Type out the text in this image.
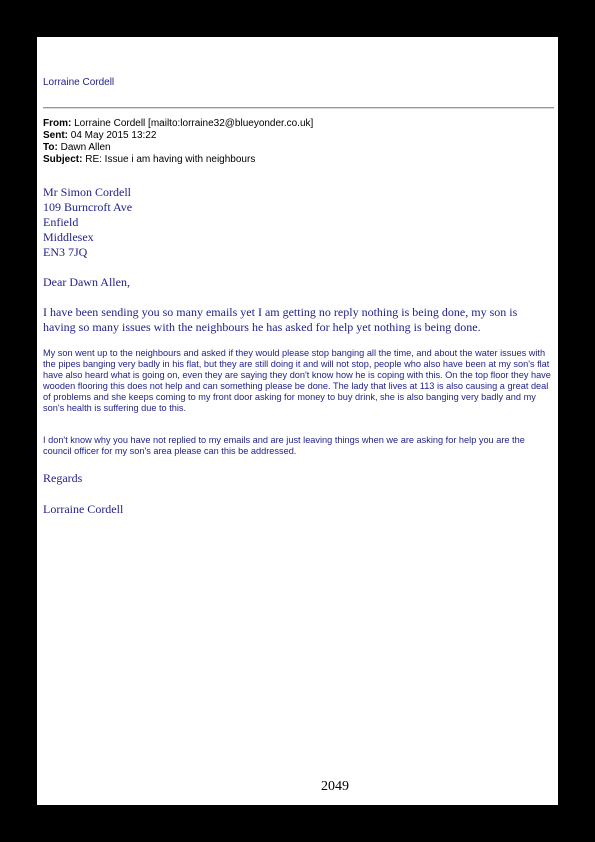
Lorraine Cordell
From: Lorraine Cordell [mailto:lorraine32@blueyonder.co.uk]
Sent: 04 May 2015 13:22
To: Dawn Allen
Subject: RE: Issue i am having with neighbours
Mr Simon Cordell
109 Burncroft Ave
Enfield
Middlesex
EN3 7JQ

Dear Dawn Allen,

I have been sending you so many emails yet I am getting no reply nothing is being done, my son is having so many issues with the neighbours he has asked for help yet nothing is being done.

My son went up to the neighbours and asked if they would please stop banging all the time, and about the water issues with the pipes banging very badly in his flat, but they are still doing it and will not stop, people who also have been at my son's flat have also heard what is going on, even they are saying they don't know how he is coping with this. On the top floor they have wooden flooring this does not help and can something please be done. The lady that lives at 113 is also causing a great deal of problems and she keeps coming to my front door asking for money to buy drink, she is also banging very badly and my son's health is suffering due to this.

I don't know why you have not replied to my emails and are just leaving things when we are asking for help you are the council officer for my son's area please can this be addressed.

Regards

Lorraine Cordell

2049
